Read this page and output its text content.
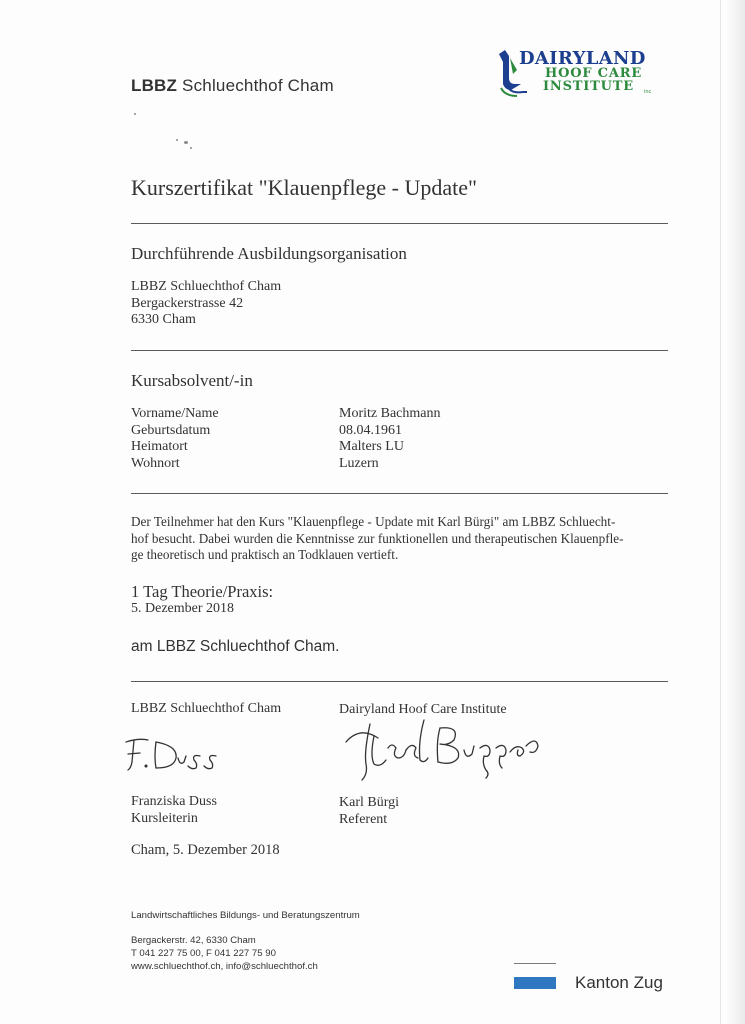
LBBZ Schluechthof Cham
DAIRYLAND
HOOF CARE
INSTITUTE inc
Kurszertifikat "Klauenpflege - Update"
Durchführende Ausbildungsorganisation
LBBZ Schluechthof Cham
Bergackerstrasse 42
6330 Cham
Kursabsolvent/-in
Vorname/Name
Geburtsdatum
Heimatort
Wohnort
Moritz Bachmann
08.04.1961
Malters LU
Luzern
Der Teilnehmer hat den Kurs "Klauenpflege - Update mit Karl Bürgi" am LBBZ Schluecht-
hof besucht. Dabei wurden die Kenntnisse zur funktionellen und therapeutischen Klauenpfle-
ge theoretisch und praktisch an Todklauen vertieft.
1 Tag Theorie/Praxis:
5. Dezember 2018
am LBBZ Schluechthof Cham.
LBBZ Schluechthof Cham	Dairyland Hoof Care Institute
Franziska Duss
Kursleiterin
Karl Bürgi
Referent
Cham, 5. Dezember 2018
Landwirtschaftliches Bildungs- und Beratungszentrum
Bergackerstr. 42, 6330 Cham
T 041 227 75 00, F 041 227 75 90
www.schluechthof.ch, info@schluechthof.ch
Kanton Zug
